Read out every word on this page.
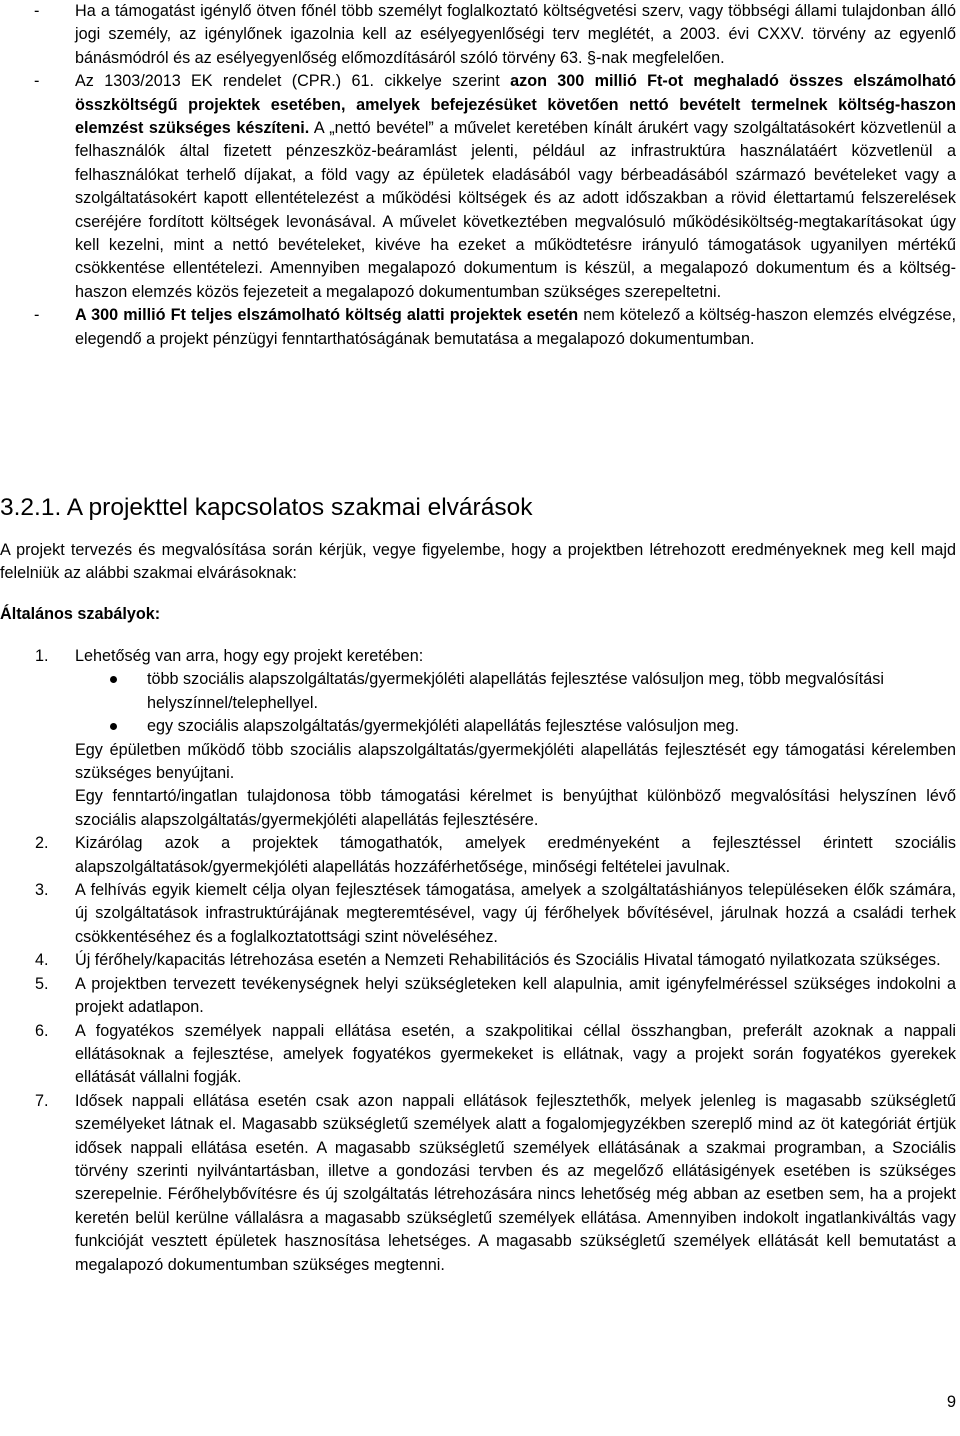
- Ha a támogatást igénylő ötven főnél több személyt foglalkoztató költségvetési szerv, vagy többségi állami tulajdonban álló jogi személy, az igénylőnek igazolnia kell az esélyegyenlőségi terv meglétét, a 2003. évi CXXV. törvény az egyenlő bánásmódról és az esélyegyenlőség előmozdításáról szóló törvény 63. §-nak megfelelően.
- Az 1303/2013 EK rendelet (CPR.) 61. cikkelye szerint azon 300 millió Ft-ot meghaladó összes elszámolható összköltségű projektek esetében, amelyek befejezésüket követően nettó bevételt termelnek költség-haszon elemzést szükséges készíteni. A „nettó bevétel” a művelet keretében kínált árukért vagy szolgáltatásokért közvetlenül a felhasználók által fizetett pénzeszköz-beáramlást jelenti, például az infrastruktúra használatáért közvetlenül a felhasználókat terhelő díjakat, a föld vagy az épületek eladásából vagy bérbeadásából származó bevételeket vagy a szolgáltatásokért kapott ellentételezést a működési költségek és az adott időszakban a rövid élettartamú felszerelések cseréjére fordított költségek levonásával. A művelet következtében megvalósuló működésiköltség-megtakarításokat úgy kell kezelni, mint a nettó bevételeket, kivéve ha ezeket a működtetésre irányuló támogatások ugyanilyen mértékű csökkentése ellentételezi. Amennyiben megalapozó dokumentum is készül, a megalapozó dokumentum és a költség-haszon elemzés közös fejezeteit a megalapozó dokumentumban szükséges szerepeltetni.
- A 300 millió Ft teljes elszámolható költség alatti projektek esetén nem kötelező a költség-haszon elemzés elvégzése, elegendő a projekt pénzügyi fenntarthatóságának bemutatása a megalapozó dokumentumban.
3.2.1. A projekttel kapcsolatos szakmai elvárások
A projekt tervezés és megvalósítása során kérjük, vegye figyelembe, hogy a projektben létrehozott eredményeknek meg kell majd felelniük az alábbi szakmai elvárásoknak:
Általános szabályok:
1. Lehetőség van arra, hogy egy projekt keretében:
több szociális alapszolgáltatás/gyermekjóléti alapellátás fejlesztése valósuljon meg, több megvalósítási helyszínnel/telephellyel.
egy szociális alapszolgáltatás/gyermekjóléti alapellátás fejlesztése valósuljon meg.
Egy épületben működő több szociális alapszolgáltatás/gyermekjóléti alapellátás fejlesztését egy támogatási kérelemben szükséges benyújtani.
Egy fenntartó/ingatlan tulajdonosa több támogatási kérelmet is benyújthat különböző megvalósítási helyszínen lévő szociális alapszolgáltatás/gyermekjóléti alapellátás fejlesztésére.
2. Kizárólag azok a projektek támogathatók, amelyek eredményeként a fejlesztéssel érintett szociális alapszolgáltatások/gyermekjóléti alapellátás hozzáférhetősége, minőségi feltételei javulnak.
3. A felhívás egyik kiemelt célja olyan fejlesztések támogatása, amelyek a szolgáltatáshiányos településeken élők számára, új szolgáltatások infrastruktúrájának megteremtésével, vagy új férőhelyek bővítésével, járulnak hozzá a családi terhek csökkentéséhez és a foglalkoztatottsági szint növeléséhez.
4. Új férőhely/kapacitás létrehozása esetén a Nemzeti Rehabilitációs és Szociális Hivatal támogató nyilatkozata szükséges.
5. A projektben tervezett tevékenységnek helyi szükségleteken kell alapulnia, amit igényfelméréssel szükséges indokolni a projekt adatlapon.
6. A fogyatékos személyek nappali ellátása esetén, a szakpolitikai céllal összhangban, preferált azoknak a nappali ellátásoknak a fejlesztése, amelyek fogyatékos gyermekeket is ellátnak, vagy a projekt során fogyatékos gyerekek ellátását vállalni fogják.
7. Idősek nappali ellátása esetén csak azon nappali ellátások fejlesztethők, melyek jelenleg is magasabb szükségletű személyeket látnak el. Magasabb szükségletű személyek alatt a fogalomjegyzékben szereplő mind az öt kategóriát értjük idősek nappali ellátása esetén. A magasabb szükségletű személyek ellátásának a szakmai programban, a Szociális törvény szerinti nyilvántartásban, illetve a gondozási tervben és az megelőző ellátásigények esetében is szükséges szerepelnie. Férőhelybővítésre és új szolgáltatás létrehozására nincs lehetőség még abban az esetben sem, ha a projekt keretén belül kerülne vállalásra a magasabb szükségletű személyek ellátása. Amennyiben indokolt ingatlankiváltás vagy funkcióját vesztett épületek hasznosítása lehetséges. A magasabb szükségletű személyek ellátását kell bemutatást a megalapozó dokumentumban szükséges megtenni.
9
